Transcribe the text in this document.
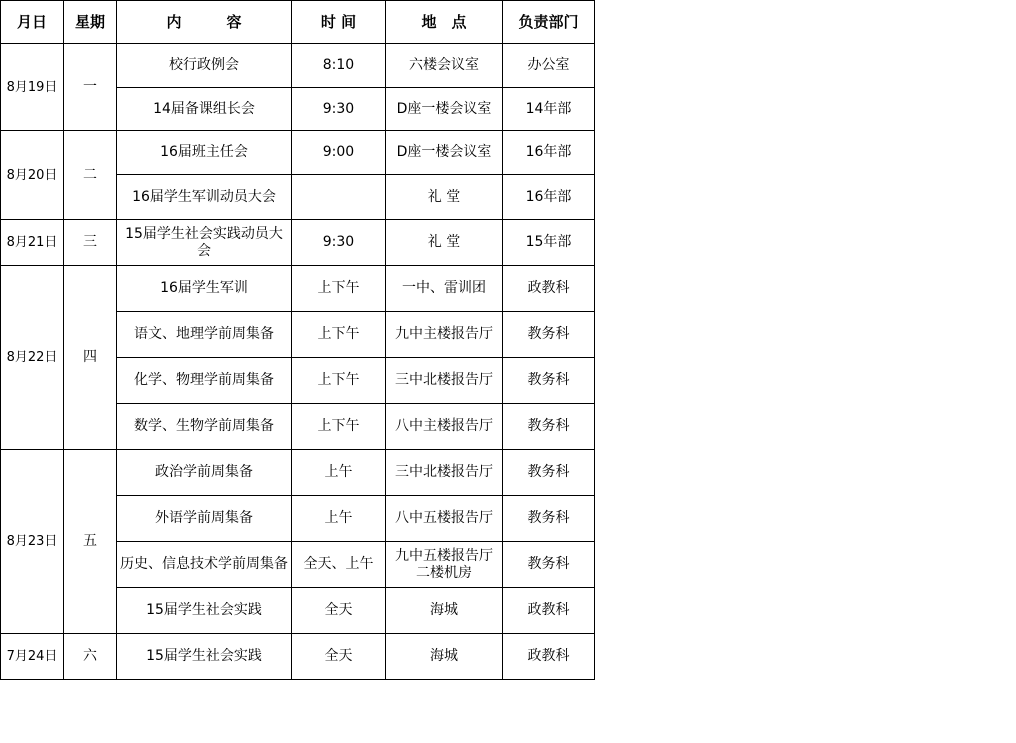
月日	星期	内　　　容	时 间	地　点	负责部门
8月19日	一	校行政例会	8:10	六楼会议室	办公室
		14届备课组长会	9:30	D座一楼会议室	14年部
8月20日	二	16届班主任会	9:00	D座一楼会议室	16年部
		16届学生军训动员大会		礼 堂	16年部
8月21日	三	15届学生社会实践动员大会	9:30	礼 堂	15年部
8月22日	四	16届学生军训	上下午	一中、雷训团	政教科
		语文、地理学前周集备	上下午	九中主楼报告厅	教务科
		化学、物理学前周集备	上下午	三中北楼报告厅	教务科
		数学、生物学前周集备	上下午	八中主楼报告厅	教务科
8月23日	五	政治学前周集备	上午	三中北楼报告厅	教务科
		外语学前周集备	上午	八中五楼报告厅	教务科
		历史、信息技术学前周集备	全天、上午	九中五楼报告厅二楼机房	教务科
		15届学生社会实践	全天	海城	政教科
7月24日	六	15届学生社会实践	全天	海城	政教科
